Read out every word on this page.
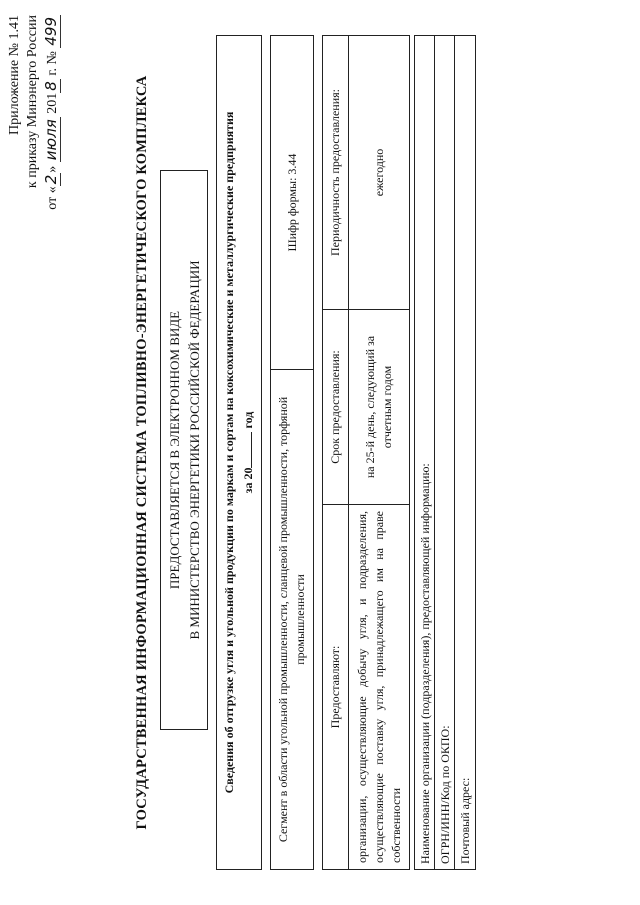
Приложение № 1.41 к приказу Минэнерго России
от «2» июля 2018 г. № 499
ГОСУДАРСТВЕННАЯ ИНФОРМАЦИОННАЯ СИСТЕМА ТОПЛИВНО-ЭНЕРГЕТИЧЕСКОГО КОМПЛЕКСА ПРЕДОСТАВЛЯЕТСЯ В ЭЛЕКТРОННОМ ВИДЕ В МИНИСТЕРСТВО ЭНЕРГЕТИКИ РОССИЙСКОЙ ФЕДЕРАЦИИ Сведения об отгрузке угля и угольной продукции по маркам и сортам на коксохимические и металлургические предприятия за 20 год	Сегмент в области угольной промышленности, сланцевой промышленности, торфяной промышленности
Шифр формы: 3.44
Предоставляют:
Срок предоставления:
Периодичность предоставления:
организации, осуществляющие добычу угля, и подразделения, осуществляющие поставку угля, принадлежащего им на праве собственности
на 25-й день, следующий за отчетным годом
ежегодно
Наименование организации (подразделения), предоставляющей информацию: ОГРН/ИНН/Код по ОКПО: Почтовый адрес:
